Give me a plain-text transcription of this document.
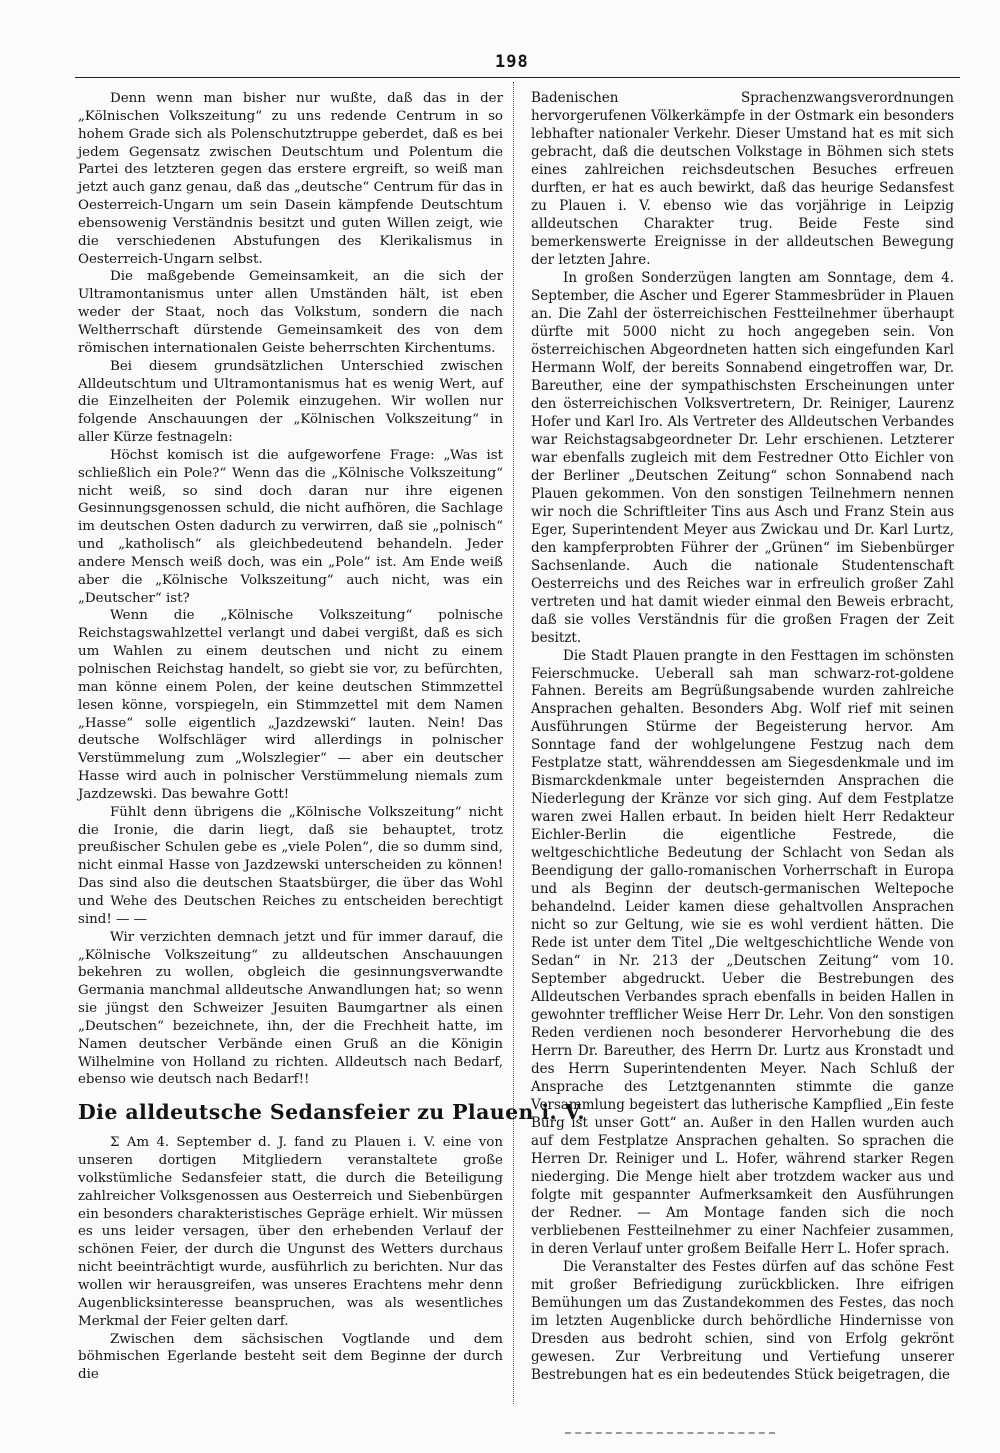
198

Denn wenn man bisher nur wußte, daß das in der „Kölnischen Volkszeitung“ zu uns redende Centrum in so hohem Grade sich als Polenschutztruppe geberdet, daß es bei jedem Gegensatz zwischen Deutschtum und Polentum die Partei des letzteren gegen das erstere ergreift, so weiß man jetzt auch ganz genau, daß das „deutsche“ Centrum für das in Oesterreich-Ungarn um sein Dasein kämpfende Deutschtum ebensowenig Verständnis besitzt und guten Willen zeigt, wie die verschiedenen Abstufungen des Klerikalismus in Oesterreich-Ungarn selbst.

Die maßgebende Gemeinsamkeit, an die sich der Ultramontanismus unter allen Umständen hält, ist eben weder der Staat, noch das Volkstum, sondern die nach Weltherrschaft dürstende Gemeinsamkeit des von dem römischen internationalen Geiste beherrschten Kirchentums.

Bei diesem grundsätzlichen Unterschied zwischen Alldeutschtum und Ultramontanismus hat es wenig Wert, auf die Einzelheiten der Polemik einzugehen. Wir wollen nur folgende Anschauungen der „Kölnischen Volkszeitung“ in aller Kürze festnageln:

Höchst komisch ist die aufgeworfene Frage: „Was ist schließlich ein Pole?“ Wenn das die „Kölnische Volkszeitung“ nicht weiß, so sind doch daran nur ihre eigenen Gesinnungsgenossen schuld, die nicht aufhören, die Sachlage im deutschen Osten dadurch zu verwirren, daß sie „polnisch“ und „katholisch“ als gleichbedeutend behandeln. Jeder andere Mensch weiß doch, was ein „Pole“ ist. Am Ende weiß aber die „Kölnische Volkszeitung“ auch nicht, was ein „Deutscher“ ist?

Wenn die „Kölnische Volkszeitung“ polnische Reichstagswahlzettel verlangt und dabei vergißt, daß es sich um Wahlen zu einem deutschen und nicht zu einem polnischen Reichstag handelt, so giebt sie vor, zu befürchten, man könne einem Polen, der keine deutschen Stimmzettel lesen könne, vorspiegeln, ein Stimmzettel mit dem Namen „Hasse“ solle eigentlich „Jazdzewski“ lauten. Nein! Das deutsche Wolfschläger wird allerdings in polnischer Verstümmelung zum „Wolszlegier“ — aber ein deutscher Hasse wird auch in polnischer Verstümmelung niemals zum Jazdzewski. Das bewahre Gott!

Fühlt denn übrigens die „Kölnische Volkszeitung“ nicht die Ironie, die darin liegt, daß sie behauptet, trotz preußischer Schulen gebe es „viele Polen“, die so dumm sind, nicht einmal Hasse von Jazdzewski unterscheiden zu können! Das sind also die deutschen Staatsbürger, die über das Wohl und Wehe des Deutschen Reiches zu entscheiden berechtigt sind! — —

Wir verzichten demnach jetzt und für immer darauf, die „Kölnische Volkszeitung“ zu alldeutschen Anschauungen bekehren zu wollen, obgleich die gesinnungsverwandte Germania manchmal alldeutsche Anwandlungen hat; so wenn sie jüngst den Schweizer Jesuiten Baumgartner als einen „Deutschen“ bezeichnete, ihn, der die Frechheit hatte, im Namen deutscher Verbände einen Gruß an die Königin Wilhelmine von Holland zu richten. Alldeutsch nach Bedarf, ebenso wie deutsch nach Bedarf!!

Die alldeutsche Sedansfeier zu Plauen i. V.

Σ Am 4. September d. J. fand zu Plauen i. V. eine von unseren dortigen Mitgliedern veranstaltete große volkstümliche Sedansfeier statt, die durch die Beteiligung zahlreicher Volksgenossen aus Oesterreich und Siebenbürgen ein besonders charakteristisches Gepräge erhielt. Wir müssen es uns leider versagen, über den erhebenden Verlauf der schönen Feier, der durch die Ungunst des Wetters durchaus nicht beeinträchtigt wurde, ausführlich zu berichten. Nur das wollen wir herausgreifen, was unseres Erachtens mehr denn Augenblicksinteresse beanspruchen, was als wesentliches Merkmal der Feier gelten darf.

Zwischen dem sächsischen Vogtlande und dem böhmischen Egerlande besteht seit dem Beginne der durch die

Badenischen Sprachenzwangsverordnungen hervorgerufenen Völkerkämpfe in der Ostmark ein besonders lebhafter nationaler Verkehr. Dieser Umstand hat es mit sich gebracht, daß die deutschen Volkstage in Böhmen sich stets eines zahlreichen reichsdeutschen Besuches erfreuen durften, er hat es auch bewirkt, daß das heurige Sedansfest zu Plauen i. V. ebenso wie das vorjährige in Leipzig alldeutschen Charakter trug. Beide Feste sind bemerkenswerte Ereignisse in der alldeutschen Bewegung der letzten Jahre.

In großen Sonderzügen langten am Sonntage, dem 4. September, die Ascher und Egerer Stammesbrüder in Plauen an. Die Zahl der österreichischen Festteilnehmer überhaupt dürfte mit 5000 nicht zu hoch angegeben sein. Von österreichischen Abgeordneten hatten sich eingefunden Karl Hermann Wolf, der bereits Sonnabend eingetroffen war, Dr. Bareuther, eine der sympathischsten Erscheinungen unter den österreichischen Volksvertretern, Dr. Reiniger, Laurenz Hofer und Karl Iro. Als Vertreter des Alldeutschen Verbandes war Reichstagsabgeordneter Dr. Lehr erschienen. Letzterer war ebenfalls zugleich mit dem Festredner Otto Eichler von der Berliner „Deutschen Zeitung“ schon Sonnabend nach Plauen gekommen. Von den sonstigen Teilnehmern nennen wir noch die Schriftleiter Tins aus Asch und Franz Stein aus Eger, Superintendent Meyer aus Zwickau und Dr. Karl Lurtz, den kampferprobten Führer der „Grünen“ im Siebenbürger Sachsenlande. Auch die nationale Studentenschaft Oesterreichs und des Reiches war in erfreulich großer Zahl vertreten und hat damit wieder einmal den Beweis erbracht, daß sie volles Verständnis für die großen Fragen der Zeit besitzt.

Die Stadt Plauen prangte in den Festtagen im schönsten Feierschmucke. Ueberall sah man schwarz-rot-goldene Fahnen. Bereits am Begrüßungsabende wurden zahlreiche Ansprachen gehalten. Besonders Abg. Wolf rief mit seinen Ausführungen Stürme der Begeisterung hervor. Am Sonntage fand der wohlgelungene Festzug nach dem Festplatze statt, währenddessen am Siegesdenkmale und im Bismarckdenkmale unter begeisternden Ansprachen die Niederlegung der Kränze vor sich ging. Auf dem Festplatze waren zwei Hallen erbaut. In beiden hielt Herr Redakteur Eichler-Berlin die eigentliche Festrede, die weltgeschichtliche Bedeutung der Schlacht von Sedan als Beendigung der gallo-romanischen Vorherrschaft in Europa und als Beginn der deutsch-germanischen Weltepoche behandelnd. Leider kamen diese gehaltvollen Ansprachen nicht so zur Geltung, wie sie es wohl verdient hätten. Die Rede ist unter dem Titel „Die weltgeschichtliche Wende von Sedan“ in Nr. 213 der „Deutschen Zeitung“ vom 10. September abgedruckt. Ueber die Bestrebungen des Alldeutschen Verbandes sprach ebenfalls in beiden Hallen in gewohnter trefflicher Weise Herr Dr. Lehr. Von den sonstigen Reden verdienen noch besonderer Hervorhebung die des Herrn Dr. Bareuther, des Herrn Dr. Lurtz aus Kronstadt und des Herrn Superintendenten Meyer. Nach Schluß der Ansprache des Letztgenannten stimmte die ganze Versammlung begeistert das lutherische Kampflied „Ein feste Burg ist unser Gott“ an. Außer in den Hallen wurden auch auf dem Festplatze Ansprachen gehalten. So sprachen die Herren Dr. Reiniger und L. Hofer, während starker Regen niederging. Die Menge hielt aber trotzdem wacker aus und folgte mit gespannter Aufmerksamkeit den Ausführungen der Redner. — Am Montage fanden sich die noch verbliebenen Festteilnehmer zu einer Nachfeier zusammen, in deren Verlauf unter großem Beifalle Herr L. Hofer sprach.

Die Veranstalter des Festes dürfen auf das schöne Fest mit großer Befriedigung zurückblicken. Ihre eifrigen Bemühungen um das Zustandekommen des Festes, das noch im letzten Augenblicke durch behördliche Hindernisse von Dresden aus bedroht schien, sind von Erfolg gekrönt gewesen. Zur Verbreitung und Vertiefung unserer Bestrebungen hat es ein bedeutendes Stück beigetragen, die
